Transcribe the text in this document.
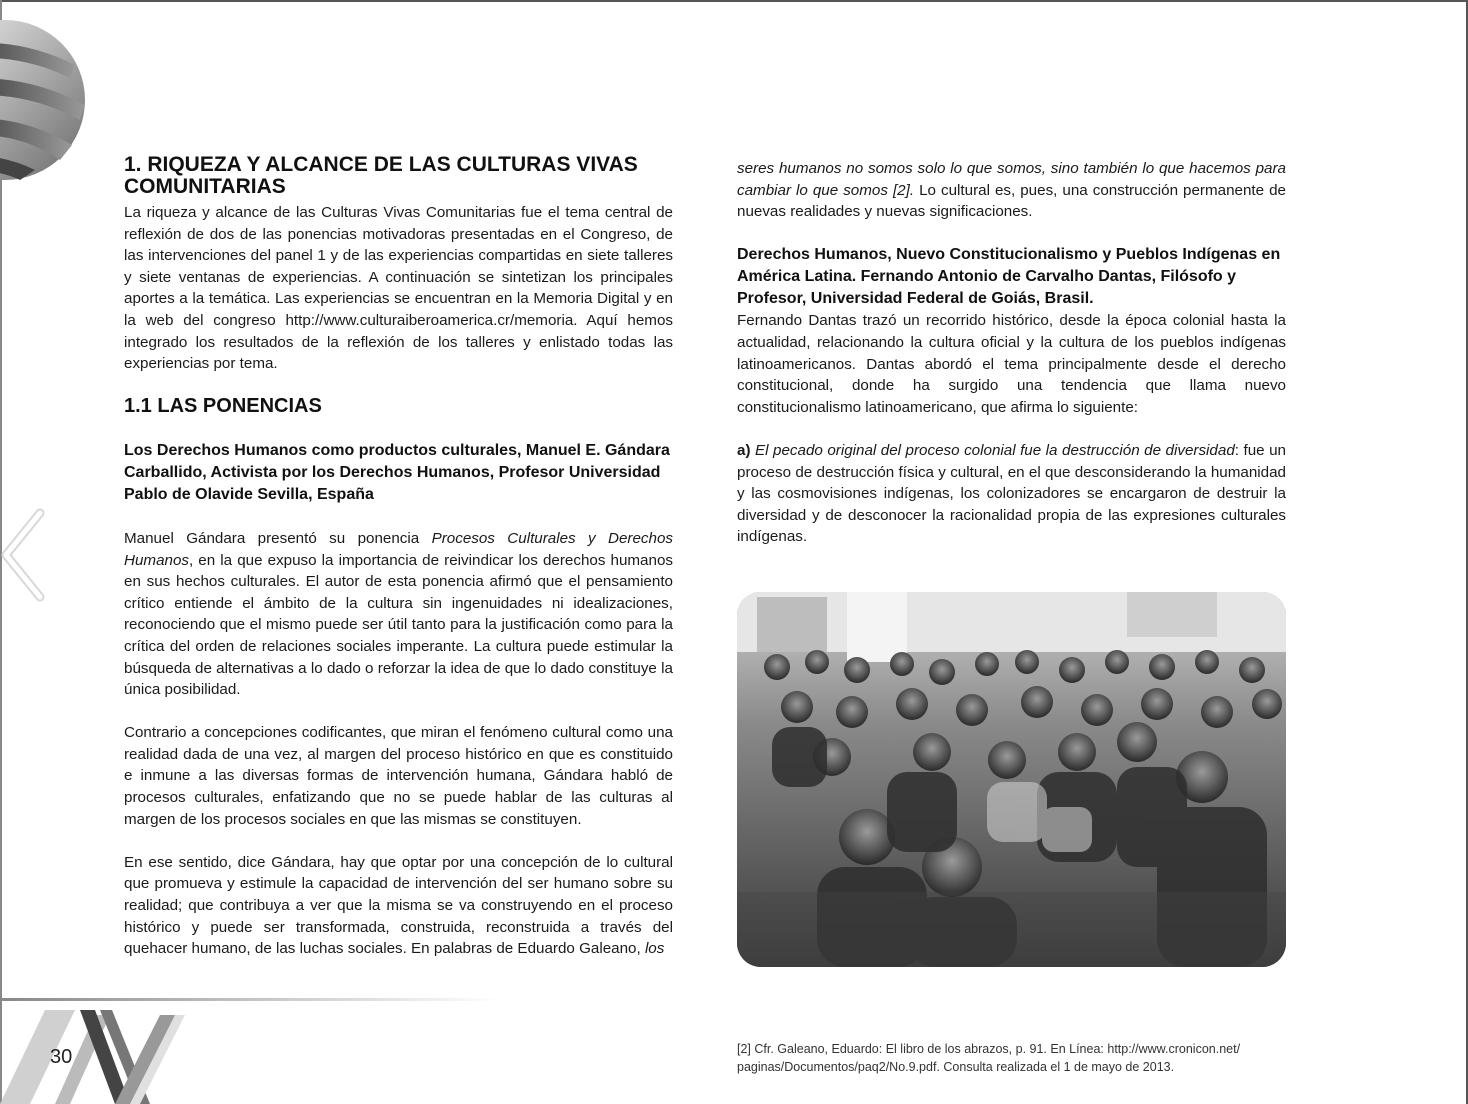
30
1. RIQUEZA Y ALCANCE DE LAS CULTURAS VIVAS COMUNITARIAS

La riqueza y alcance de las Culturas Vivas Comunitarias fue el tema central de reflexión de dos de las ponencias motivadoras presentadas en el Congreso, de las intervenciones del panel 1 y de las experiencias compartidas en siete talleres y siete ventanas de experiencias. A continuación se sintetizan los principales aportes a la temática. Las experiencias se encuentran en la Memoria Digital y en la web del congreso http://www.culturaiberoamerica.cr/memoria. Aquí hemos integrado los resultados de la reflexión de los talleres y enlistado todas las experiencias por tema.

1.1 LAS PONENCIAS
Los Derechos Humanos como productos culturales, Manuel E. Gándara Carballido, Activista por los Derechos Humanos, Profesor Universidad Pablo de Olavide Sevilla, España

Manuel Gándara presentó su ponencia Procesos Culturales y Derechos Humanos, en la que expuso la importancia de reivindicar los derechos humanos en sus hechos culturales. El autor de esta ponencia afirmó que el pensamiento crítico entiende el ámbito de la cultura sin ingenuidades ni idealizaciones, reconociendo que el mismo puede ser útil tanto para la justificación como para la crítica del orden de relaciones sociales imperante. La cultura puede estimular la búsqueda de alternativas a lo dado o reforzar la idea de que lo dado constituye la única posibilidad.

Contrario a concepciones codificantes, que miran el fenómeno cultural como una realidad dada de una vez, al margen del proceso histórico en que es constituido e inmune a las diversas formas de intervención humana, Gándara habló de procesos culturales, enfatizando que no se puede hablar de las culturas al margen de los procesos sociales en que las mismas se constituyen.

En ese sentido, dice Gándara, hay que optar por una concepción de lo cultural que promueva y estimule la capacidad de intervención del ser humano sobre su realidad; que contribuya a ver que la misma se va construyendo en el proceso histórico y puede ser transformada, construida, reconstruida a través del quehacer humano, de las luchas sociales. En palabras de Eduardo Galeano, los

seres humanos no somos solo lo que somos, sino también lo que hacemos para cambiar lo que somos [2]. Lo cultural es, pues, una construcción permanente de nuevas realidades y nuevas significaciones.

Derechos Humanos, Nuevo Constitucionalismo y Pueblos Indígenas en América Latina. Fernando Antonio de Carvalho Dantas, Filósofo y Profesor, Universidad Federal de Goiás, Brasil.

Fernando Dantas trazó un recorrido histórico, desde la época colonial hasta la actualidad, relacionando la cultura oficial y la cultura de los pueblos indígenas latinoamericanos. Dantas abordó el tema principalmente desde el derecho constitucional, donde ha surgido una tendencia que llama nuevo constitucionalismo latinoamericano, que afirma lo siguiente:

a) El pecado original del proceso colonial fue la destrucción de diversidad: fue un proceso de destrucción física y cultural, en el que desconsiderando la humanidad y las cosmovisiones indígenas, los colonizadores se encargaron de destruir la diversidad y de desconocer la racionalidad propia de las expresiones culturales indígenas.

[2] Cfr. Galeano, Eduardo: El libro de los abrazos, p. 91. En Línea: http://www.cronicon.net/
paginas/Documentos/paq2/No.9.pdf. Consulta realizada el 1 de mayo de 2013.
